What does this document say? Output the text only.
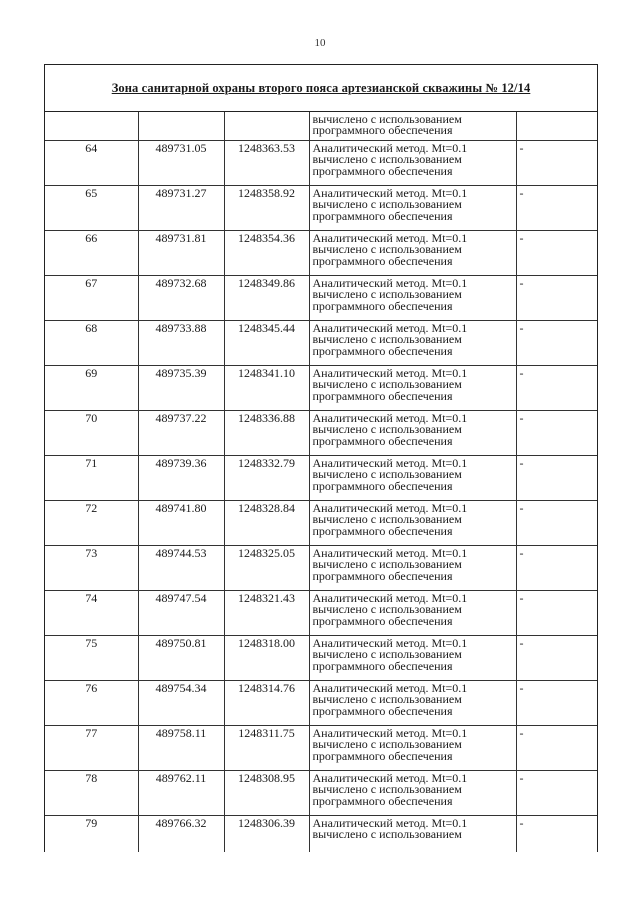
10
Зона санитарной охраны второго пояса артезианской скважины № 12/14

			вычислено с использованием
программного обеспечения	

64	489731.05	1248363.53	Аналитический метод. Mt=0.1
вычислено с использованием
программного обеспечения	-
65	489731.27	1248358.92	Аналитический метод. Mt=0.1
вычислено с использованием
программного обеспечения	-
66	489731.81	1248354.36	Аналитический метод. Mt=0.1
вычислено с использованием
программного обеспечения	-
67	489732.68	1248349.86	Аналитический метод. Mt=0.1
вычислено с использованием
программного обеспечения	-
68	489733.88	1248345.44	Аналитический метод. Mt=0.1
вычислено с использованием
программного обеспечения	-
69	489735.39	1248341.10	Аналитический метод. Mt=0.1
вычислено с использованием
программного обеспечения	-
70	489737.22	1248336.88	Аналитический метод. Mt=0.1
вычислено с использованием
программного обеспечения	-
71	489739.36	1248332.79	Аналитический метод. Mt=0.1
вычислено с использованием
программного обеспечения	-
72	489741.80	1248328.84	Аналитический метод. Mt=0.1
вычислено с использованием
программного обеспечения	-
73	489744.53	1248325.05	Аналитический метод. Mt=0.1
вычислено с использованием
программного обеспечения	-
74	489747.54	1248321.43	Аналитический метод. Mt=0.1
вычислено с использованием
программного обеспечения	-
75	489750.81	1248318.00	Аналитический метод. Mt=0.1
вычислено с использованием
программного обеспечения	-
76	489754.34	1248314.76	Аналитический метод. Mt=0.1
вычислено с использованием
программного обеспечения	-
77	489758.11	1248311.75	Аналитический метод. Mt=0.1
вычислено с использованием
программного обеспечения	-
78	489762.11	1248308.95	Аналитический метод. Mt=0.1
вычислено с использованием
программного обеспечения	-
79	489766.32	1248306.39	Аналитический метод. Mt=0.1
вычислено с использованием	-
